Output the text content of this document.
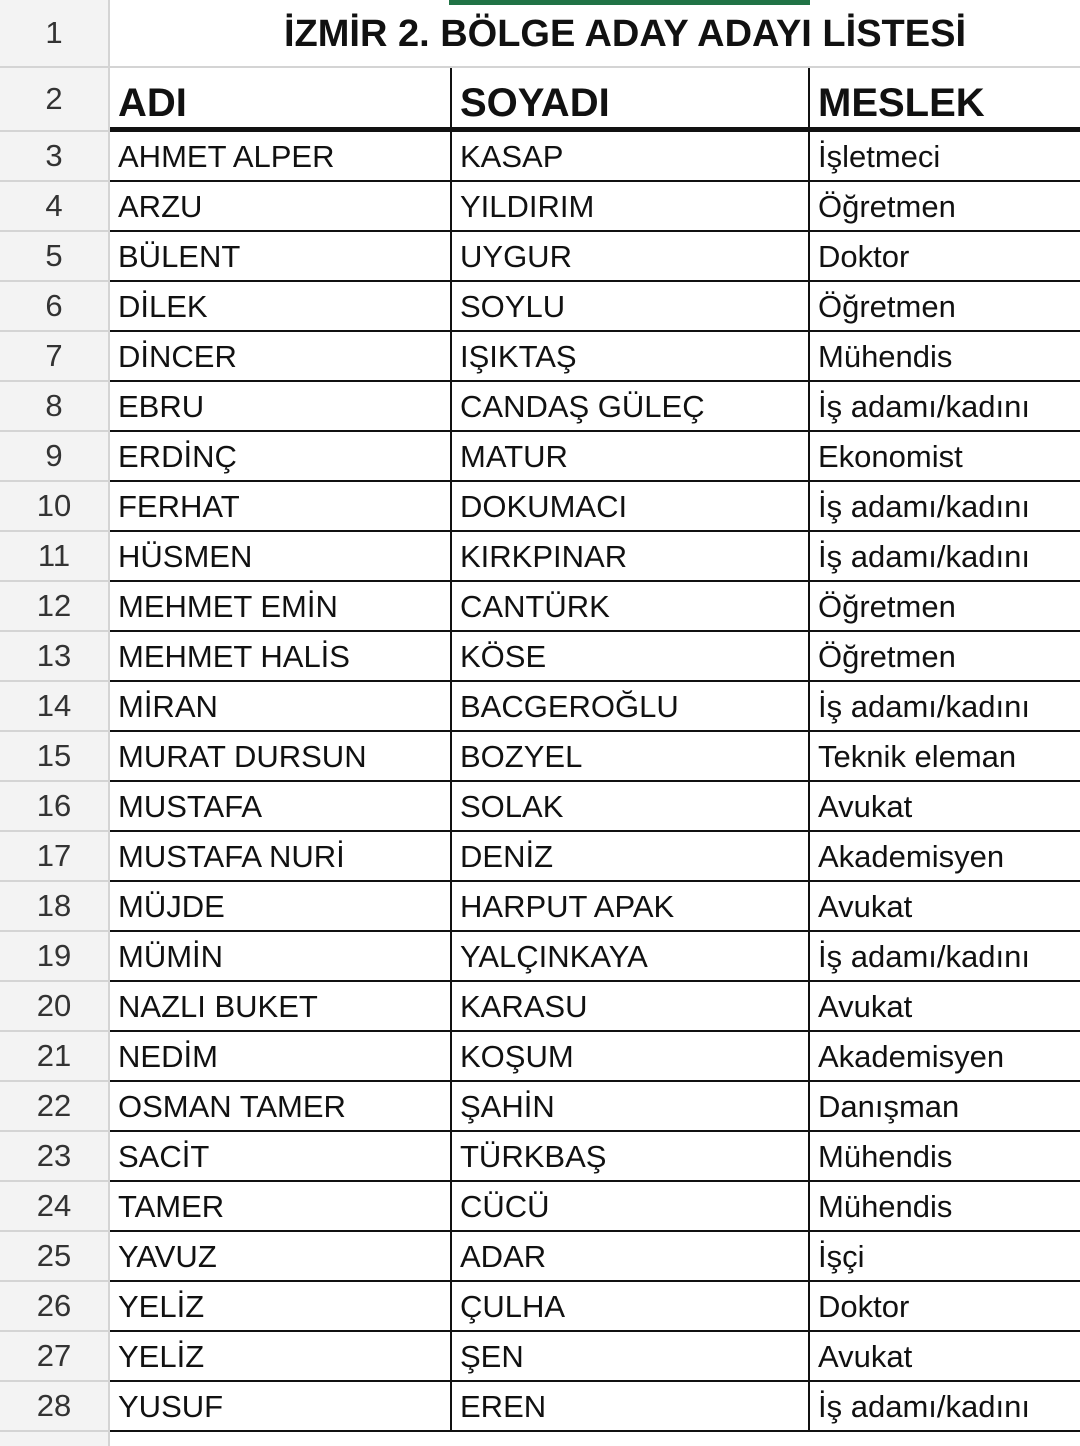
1	İZMİR 2. BÖLGE ADAY ADAYI LİSTESİ
2	ADI	SOYADI	MESLEK
3	AHMET ALPER	KASAP	İşletmeci
4	ARZU	YILDIRIM	Öğretmen
5	BÜLENT	UYGUR	Doktor
6	DİLEK	SOYLU	Öğretmen
7	DİNCER	IŞIKTAŞ	Mühendis
8	EBRU	CANDAŞ GÜLEÇ	İş adamı/kadını
9	ERDİNÇ	MATUR	Ekonomist
10	FERHAT	DOKUMACI	İş adamı/kadını
11	HÜSMEN	KIRKPINAR	İş adamı/kadını
12	MEHMET EMİN	CANTÜRK	Öğretmen
13	MEHMET HALİS	KÖSE	Öğretmen
14	MİRAN	BACGEROĞLU	İş adamı/kadını
15	MURAT DURSUN	BOZYEL	Teknik eleman
16	MUSTAFA	SOLAK	Avukat
17	MUSTAFA NURİ	DENİZ	Akademisyen
18	MÜJDE	HARPUT APAK	Avukat
19	MÜMİN	YALÇINKAYA	İş adamı/kadını
20	NAZLI BUKET	KARASU	Avukat
21	NEDİM	KOŞUM	Akademisyen
22	OSMAN TAMER	ŞAHİN	Danışman
23	SACİT	TÜRKBAŞ	Mühendis
24	TAMER	CÜCÜ	Mühendis
25	YAVUZ	ADAR	İşçi
26	YELİZ	ÇULHA	Doktor
27	YELİZ	ŞEN	Avukat
28	YUSUF	EREN	İş adamı/kadını
